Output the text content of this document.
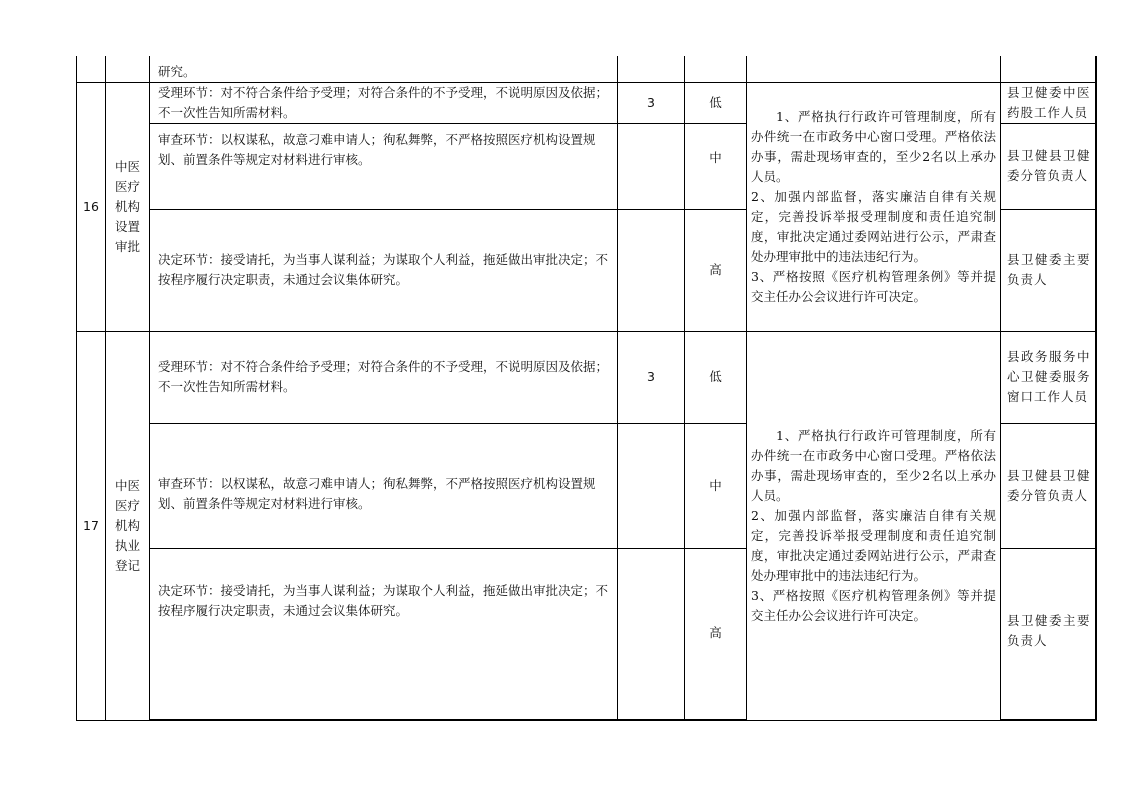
		研究。				
16	中医医疗机构设置审批	受理环节：对不符合条件给予受理；对符合条件的不予受理，不说明原因及依据；不一次性告知所需材料。	3	低	1、严格执行行政许可管理制度，所有办件统一在市政务中心窗口受理。严格依法办事，需赴现场审查的，至少2名以上承办人员。
2、加强内部监督，落实廉洁自律有关规定，完善投诉举报受理制度和责任追究制度，审批决定通过委网站进行公示，严肃查处办理审批中的违法违纪行为。
3、严格按照《医疗机构管理条例》等并提交主任办公会议进行许可决定。	县卫健委中医药股工作人员
		审查环节：以权谋私，故意刁难申请人；徇私舞弊，不严格按照医疗机构设置规划、前置条件等规定对材料进行审核。		中		县卫健县卫健委分管负责人
		决定环节：接受请托，为当事人谋利益；为谋取个人利益，拖延做出审批决定；不按程序履行决定职责，未通过会议集体研究。		高		县卫健委主要负责人
17	中医医疗机构执业登记	受理环节：对不符合条件给予受理；对符合条件的不予受理，不说明原因及依据；不一次性告知所需材料。	3	低	1、严格执行行政许可管理制度，所有办件统一在市政务中心窗口受理。严格依法办事，需赴现场审查的，至少2名以上承办人员。
2、加强内部监督，落实廉洁自律有关规定，完善投诉举报受理制度和责任追究制度，审批决定通过委网站进行公示，严肃查处办理审批中的违法违纪行为。
3、严格按照《医疗机构管理条例》等并提交主任办公会议进行许可决定。	县政务服务中心卫健委服务窗口工作人员
		审查环节：以权谋私，故意刁难申请人；徇私舞弊，不严格按照医疗机构设置规划、前置条件等规定对材料进行审核。		中		县卫健县卫健委分管负责人
		决定环节：接受请托，为当事人谋利益；为谋取个人利益，拖延做出审批决定；不按程序履行决定职责，未通过会议集体研究。		高		县卫健委主要负责人
